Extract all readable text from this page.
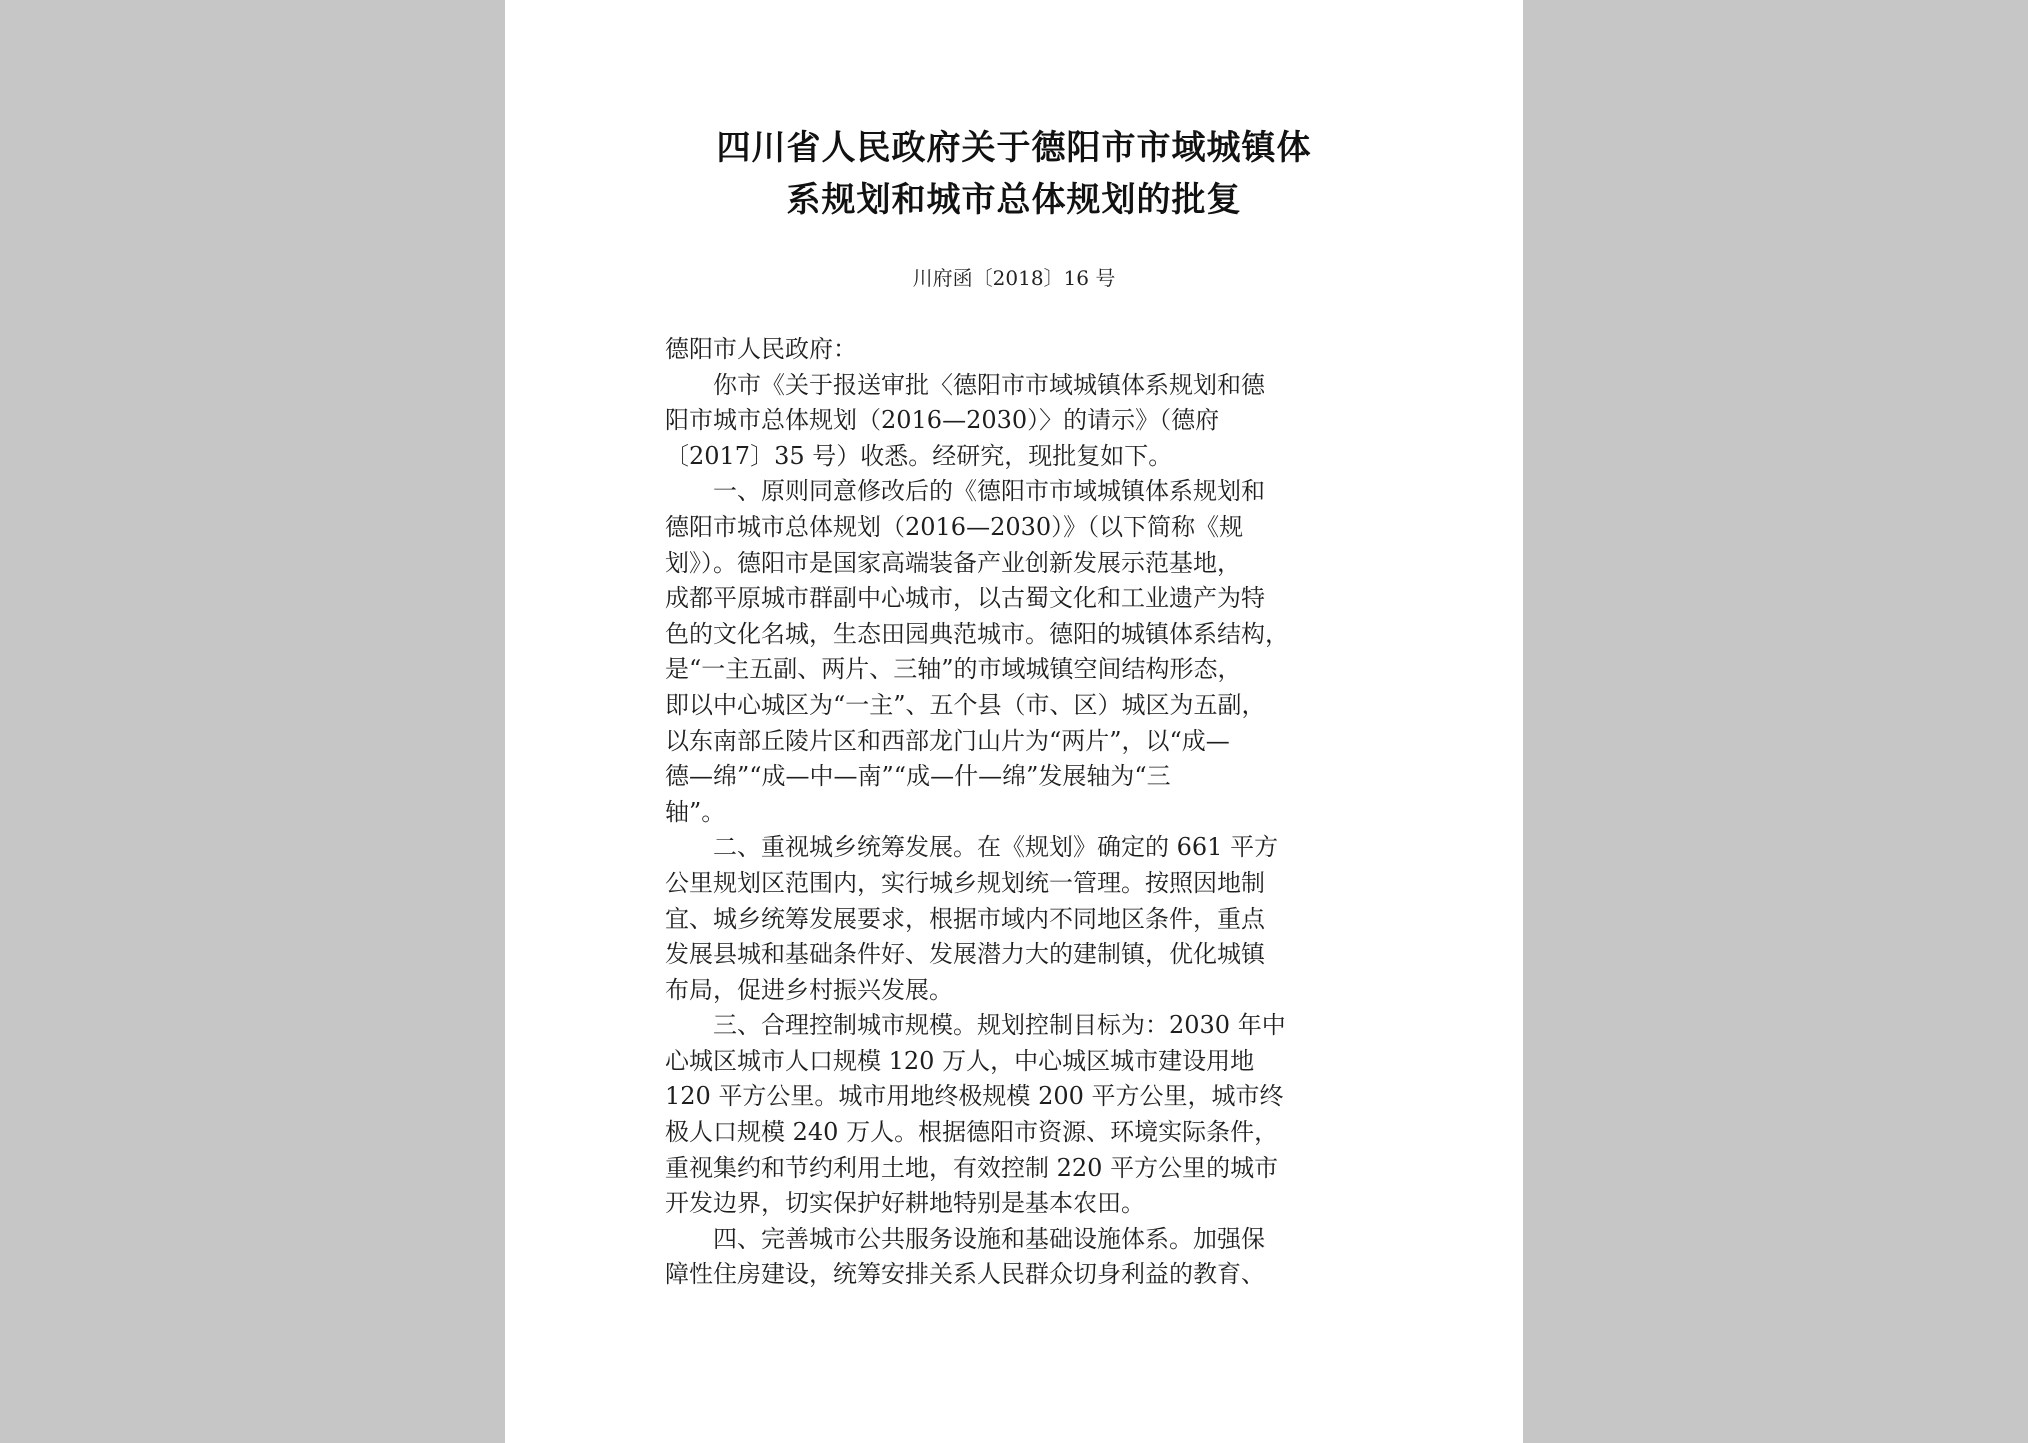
四川省人民政府关于德阳市市域城镇体
系规划和城市总体规划的批复
川府函〔2018〕16 号
德阳市人民政府：
　　你市《关于报送审批〈德阳市市域城镇体系规划和德
阳市城市总体规划（2016—2030）〉的请示》（德府
〔2017〕35 号）收悉。经研究，现批复如下。
　　一、原则同意修改后的《德阳市市域城镇体系规划和
德阳市城市总体规划（2016—2030）》（以下简称《规
划》）。德阳市是国家高端装备产业创新发展示范基地，
成都平原城市群副中心城市，以古蜀文化和工业遗产为特
色的文化名城，生态田园典范城市。德阳的城镇体系结构，
是“一主五副、两片、三轴”的市域城镇空间结构形态，
即以中心城区为“一主”、五个县（市、区）城区为五副，
以东南部丘陵片区和西部龙门山片为“两片”，以“成—
德—绵”“成—中—南”“成—什—绵”发展轴为“三
轴”。
　　二、重视城乡统筹发展。在《规划》确定的 661 平方
公里规划区范围内，实行城乡规划统一管理。按照因地制
宜、城乡统筹发展要求，根据市域内不同地区条件，重点
发展县城和基础条件好、发展潜力大的建制镇，优化城镇
布局，促进乡村振兴发展。
　　三、合理控制城市规模。规划控制目标为：2030 年中
心城区城市人口规模 120 万人，中心城区城市建设用地
120 平方公里。城市用地终极规模 200 平方公里，城市终
极人口规模 240 万人。根据德阳市资源、环境实际条件，
重视集约和节约利用土地，有效控制 220 平方公里的城市
开发边界，切实保护好耕地特别是基本农田。
　　四、完善城市公共服务设施和基础设施体系。加强保
障性住房建设，统筹安排关系人民群众切身利益的教育、
